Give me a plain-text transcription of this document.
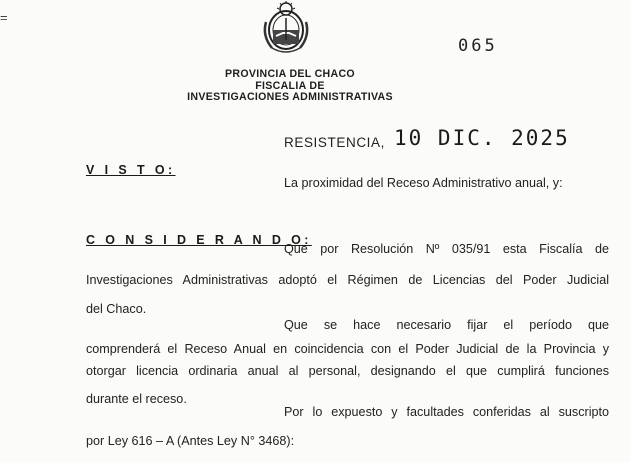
=
065
PROVINCIA DEL CHACO
FISCALIA DE
INVESTIGACIONES ADMINISTRATIVAS
RESISTENCIA, 10 DIC. 2025
V I S T O:
La proximidad del Receso Administrativo anual, y:
C O N S I D E R A N D O:
Que por Resolución Nº 035/91 esta Fiscalía de
Investigaciones Administrativas adoptó el Régimen de Licencias del Poder Judicial
del Chaco.
Que se hace necesario fijar el período que
comprenderá el Receso Anual en coincidencia con el Poder Judicial de la Provincia y
otorgar licencia ordinaria anual al personal, designando el que cumplirá funciones
durante el receso.
Por lo expuesto y facultades conferidas al suscripto
por Ley 616 – A (Antes Ley N° 3468):
